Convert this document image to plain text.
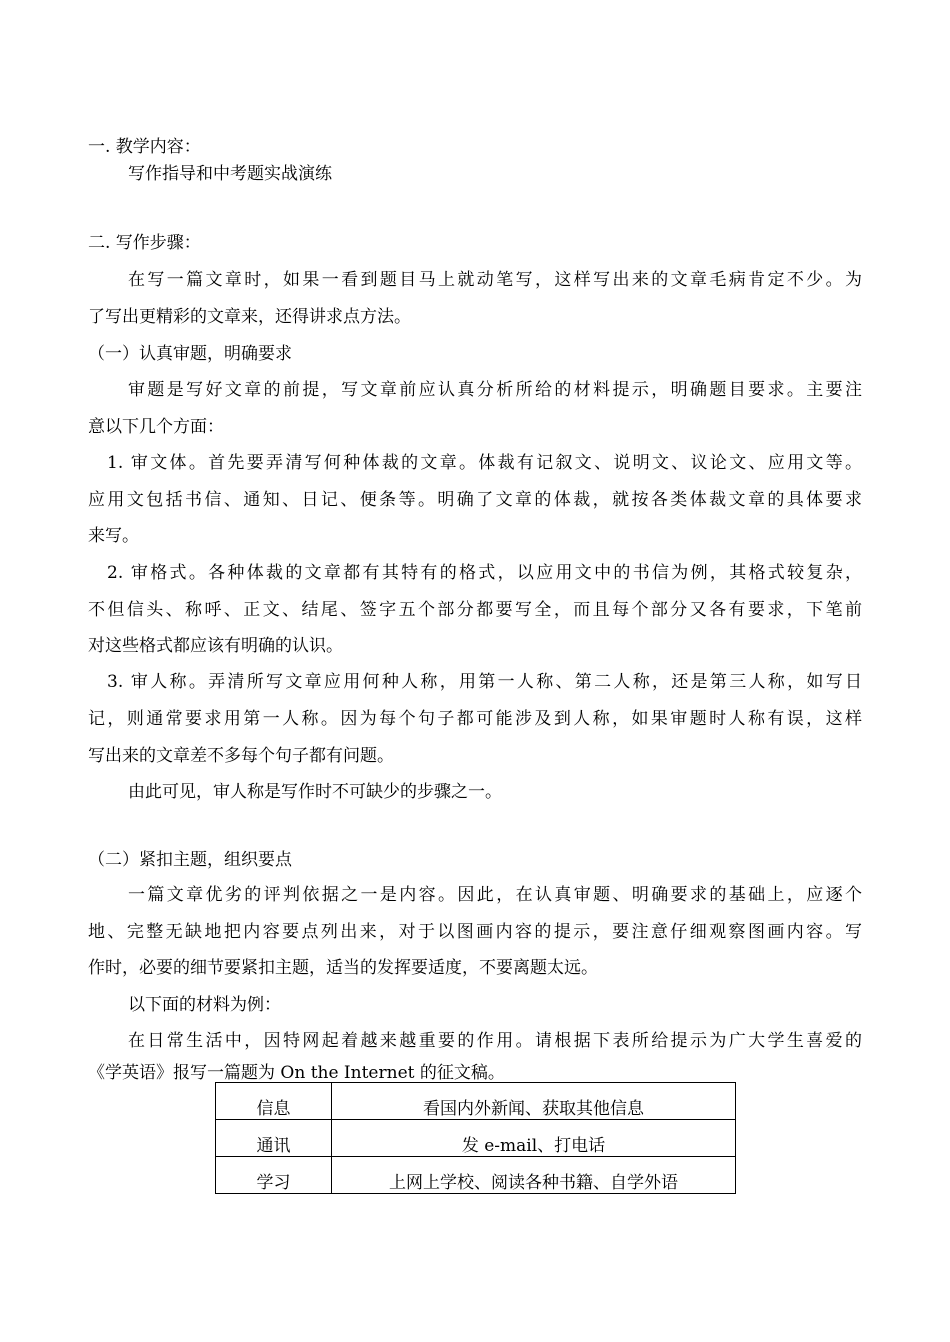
一. 教学内容：
写作指导和中考题实战演练
二. 写作步骤：
在写一篇文章时，如果一看到题目马上就动笔写，这样写出来的文章毛病肯定不少。为
了写出更精彩的文章来，还得讲求点方法。
（一）认真审题，明确要求
审题是写好文章的前提，写文章前应认真分析所给的材料提示，明确题目要求。主要注
意以下几个方面：
1. 审文体。首先要弄清写何种体裁的文章。体裁有记叙文、说明文、议论文、应用文等。
应用文包括书信、通知、日记、便条等。明确了文章的体裁，就按各类体裁文章的具体要求
来写。
2. 审格式。各种体裁的文章都有其特有的格式，以应用文中的书信为例，其格式较复杂，
不但信头、称呼、正文、结尾、签字五个部分都要写全，而且每个部分又各有要求，下笔前
对这些格式都应该有明确的认识。
3. 审人称。弄清所写文章应用何种人称，用第一人称、第二人称，还是第三人称，如写日
记，则通常要求用第一人称。因为每个句子都可能涉及到人称，如果审题时人称有误，这样
写出来的文章差不多每个句子都有问题。
由此可见，审人称是写作时不可缺少的步骤之一。
（二）紧扣主题，组织要点
一篇文章优劣的评判依据之一是内容。因此，在认真审题、明确要求的基础上，应逐个
地、完整无缺地把内容要点列出来，对于以图画内容的提示，要注意仔细观察图画内容。写
作时，必要的细节要紧扣主题，适当的发挥要适度，不要离题太远。
以下面的材料为例：
在日常生活中，因特网起着越来越重要的作用。请根据下表所给提示为广大学生喜爱的
《学英语》报写一篇题为 On the Internet 的征文稿。
信息	看国内外新闻、获取其他信息
通讯	发 e-mail、打电话
学习	上网上学校、阅读各种书籍、自学外语
